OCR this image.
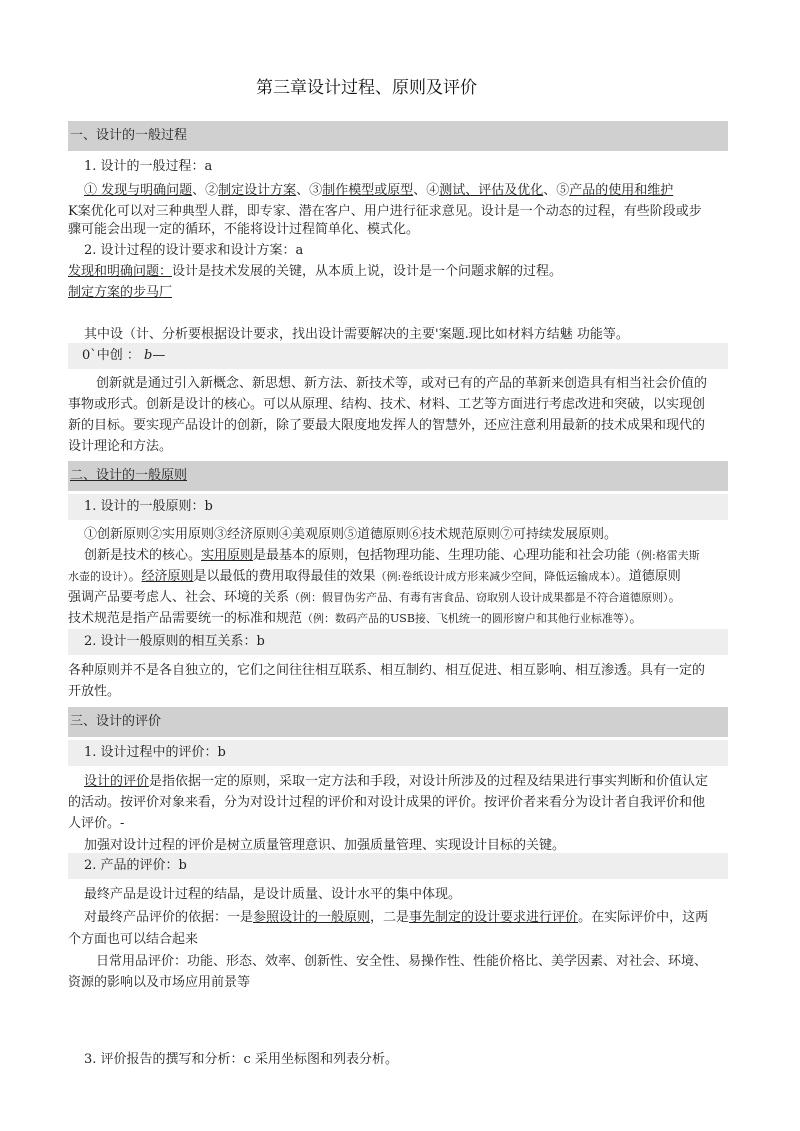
第三章设计过程、原则及评价
一、设计的一般过程
1. 设计的一般过程：a
① 发现与明确问题、②制定设计方案、③制作模型或原型、④测试、评估及优化、⑤产品的使用和维护
K案优化可以对三种典型人群，即专家、潜在客户、用户进行征求意见。设计是一个动态的过程，有些阶段或步
骤可能会出现一定的循环，不能将设计过程简单化、模式化。
2. 设计过程的设计要求和设计方案：a
发现和明确问题：设计是技术发展的关键，从本质上说，设计是一个问题求解的过程。
制定方案的步马厂
其中设（计、分析要根据设计要求，找出设计需要解决的主要'案题.现比如材料方结魅 功能等。
0`中创 ： b—
创新就是通过引入新概念、新思想、新方法、新技术等，或对已有的产品的革新来创造具有相当社会价值的
事物或形式。创新是设计的核心。可以从原理、结构、技术、材料、工艺等方面进行考虑改进和突破，以实现创
新的目标。要实现产品设计的创新，除了要最大限度地发挥人的智慧外，还应注意利用最新的技术成果和现代的
设计理论和方法。
二、设计的一般原则
1. 设计的一般原则：b
①创新原则②实用原则③经济原则④美观原则⑤道德原则⑥技术规范原则⑦可持续发展原则。
创新是技术的核心。实用原则是最基本的原则，包括物理功能、生理功能、心理功能和社会功能（例:格雷夫斯
水壶的设计）。经济原则是以最低的费用取得最佳的效果（例:卷纸设计成方形来减少空间，降低运输成本）。道德原则
强调产品要考虑人、社会、环境的关系（例：假冒伪劣产品、有毒有害食品、窃取别人设计成果都是不符合道德原则）。
技术规范是指产品需要统一的标准和规范（例：数码产品的USB接、飞机统一的圆形窗户和其他行业标准等）。
2. 设计一般原则的相互关系：b
各种原则并不是各自独立的，它们之间往往相互联系、相互制约、相互促进、相互影响、相互渗透。具有一定的
开放性。
三、设计的评价
1. 设计过程中的评价：b
设计的评价是指依据一定的原则，采取一定方法和手段，对设计所涉及的过程及结果进行事实判断和价值认定
的活动。按评价对象来看，分为对设计过程的评价和对设计成果的评价。按评价者来看分为设计者自我评价和他
人评价。-
加强对设计过程的评价是树立质量管理意识、加强质量管理、实现设计目标的关键。
2. 产品的评价：b
最终产品是设计过程的结晶，是设计质量、设计水平的集中体现。
对最终产品评价的依据：一是参照设计的一般原则，二是事先制定的设计要求进行评价。在实际评价中，这两
个方面也可以结合起来
日常用品评价：功能、形态、效率、创新性、安全性、易操作性、性能价格比、美学因素、对社会、环境、
资源的影响以及市场应用前景等
3. 评价报告的撰写和分析：c 采用坐标图和列表分析。
